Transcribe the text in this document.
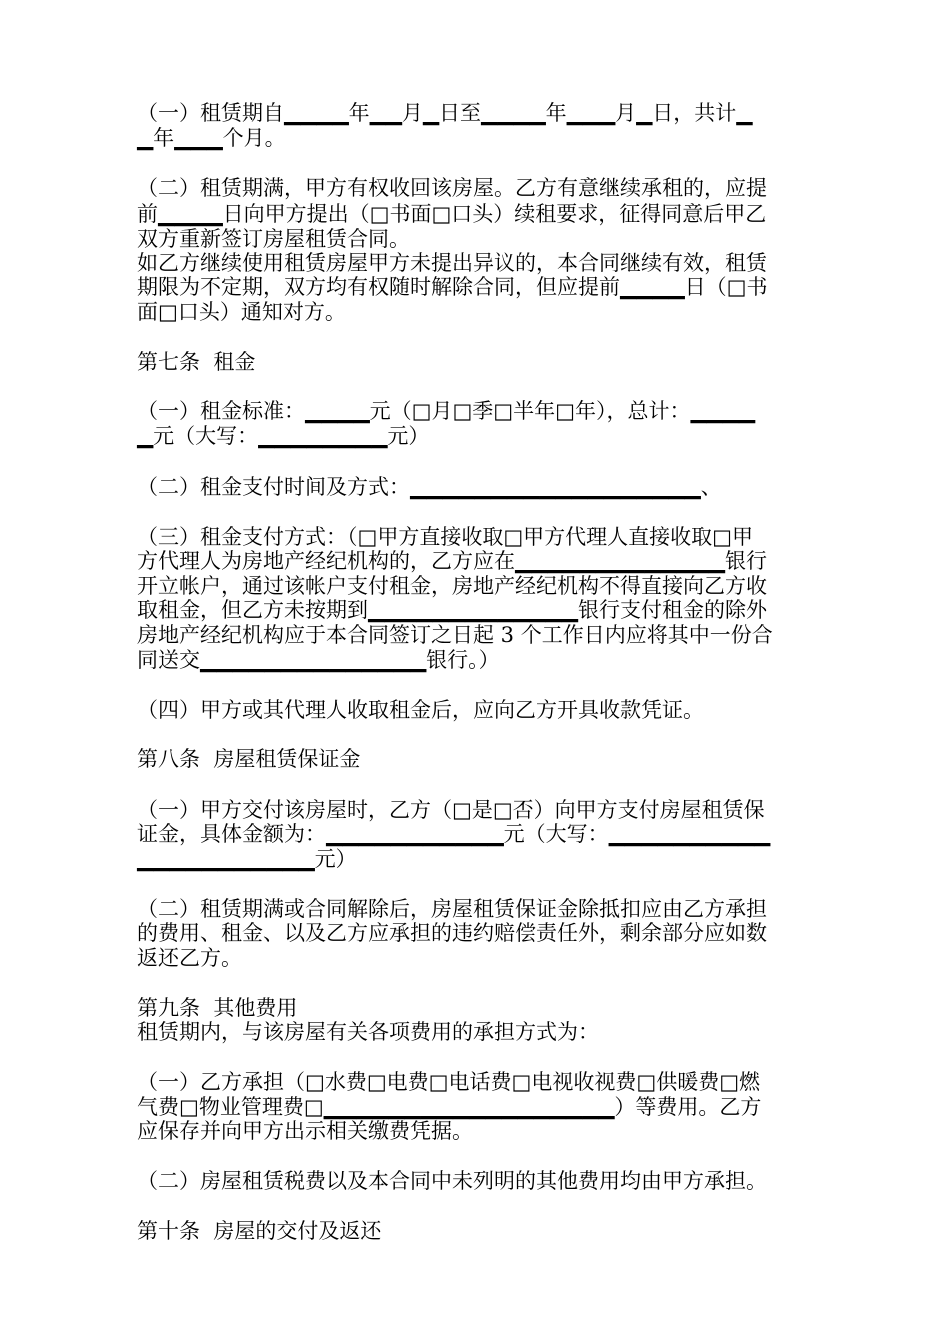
（一）租赁期自▁▁▁▁年▁▁月▁日至▁▁▁▁年▁▁▁月▁日，共计▁
▁年▁▁▁个月。
（二）租赁期满，甲方有权收回该房屋。乙方有意继续承租的，应提
前▁▁▁▁日向甲方提出（□书面□口头）续租要求，征得同意后甲乙
双方重新签订房屋租赁合同。
如乙方继续使用租赁房屋甲方未提出异议的，本合同继续有效，租赁
期限为不定期，双方均有权随时解除合同，但应提前▁▁▁▁日（□书
面□口头）通知对方。
第七条  租金
（一）租金标准：▁▁▁▁元（□月□季□半年□年），总计：▁▁▁▁
▁元（大写：▁▁▁▁▁▁▁▁元）
（二）租金支付时间及方式：▁▁▁▁▁▁▁▁▁▁▁▁▁▁▁▁▁▁、
（三）租金支付方式：（□甲方直接收取□甲方代理人直接收取□甲
方代理人为房地产经纪机构的，乙方应在▁▁▁▁▁▁▁▁▁▁▁▁▁银行
开立帐户，通过该帐户支付租金，房地产经纪机构不得直接向乙方收
取租金，但乙方未按期到▁▁▁▁▁▁▁▁▁▁▁▁▁银行支付租金的除外
房地产经纪机构应于本合同签订之日起 3 个工作日内应将其中一份合
同送交▁▁▁▁▁▁▁▁▁▁▁▁▁▁银行。）
（四）甲方或其代理人收取租金后，应向乙方开具收款凭证。
第八条  房屋租赁保证金
（一）甲方交付该房屋时，乙方（□是□否）向甲方支付房屋租赁保
证金，具体金额为：▁▁▁▁▁▁▁▁▁▁▁元（大写：▁▁▁▁▁▁▁▁▁▁
▁▁▁▁▁▁▁▁▁▁▁元）
（二）租赁期满或合同解除后，房屋租赁保证金除抵扣应由乙方承担
的费用、租金、以及乙方应承担的违约赔偿责任外，剩余部分应如数
返还乙方。
第九条  其他费用
租赁期内，与该房屋有关各项费用的承担方式为：
（一）乙方承担（□水费□电费□电话费□电视收视费□供暖费□燃
气费□物业管理费□▁▁▁▁▁▁▁▁▁▁▁▁▁▁▁▁▁▁）等费用。乙方
应保存并向甲方出示相关缴费凭据。
（二）房屋租赁税费以及本合同中未列明的其他费用均由甲方承担。
第十条  房屋的交付及返还
